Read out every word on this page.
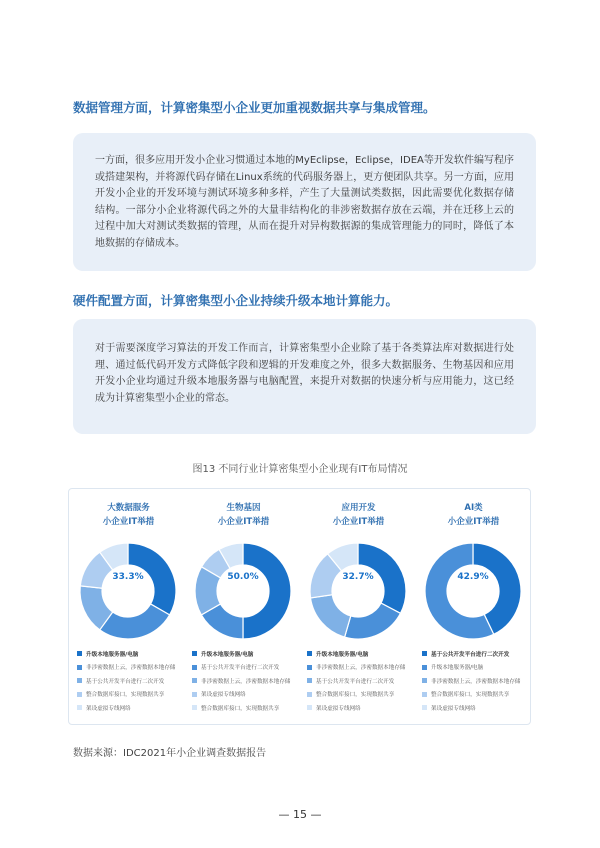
数据管理方面，计算密集型小企业更加重视数据共享与集成管理。

一方面，很多应用开发小企业习惯通过本地的MyEclipse，Eclipse，IDEA等开发软件编写程序或搭建架构，并将源代码存储在Linux系统的代码服务器上，更方便团队共享。另一方面，应用开发小企业的开发环境与测试环境多种多样，产生了大量测试类数据，因此需要优化数据存储结构。一部分小企业将源代码之外的大量非结构化的非涉密数据存放在云端，并在迁移上云的过程中加大对测试类数据的管理，从而在提升对异构数据源的集成管理能力的同时，降低了本地数据的存储成本。

硬件配置方面，计算密集型小企业持续升级本地计算能力。

对于需要深度学习算法的开发工作而言，计算密集型小企业除了基于各类算法库对数据进行处理、通过低代码开发方式降低字段和逻辑的开发难度之外，很多大数据服务、生物基因和应用开发小企业均通过升级本地服务器与电脑配置，来提升对数据的快速分析与应用能力，这已经成为计算密集型小企业的常态。

图13 不同行业计算密集型小企业现有IT布局情况
大数据服务
小企业IT举措
33.3%
升级本地服务器/电脑
非涉密数据上云，涉密数据本地存储
基于公共开发平台进行二次开发
整合数据库接口，实现数据共享
架设虚拟专线网络
生物基因
小企业IT举措
50.0%
升级本地服务器/电脑
基于公共开发平台进行二次开发
非涉密数据上云，涉密数据本地存储
架设虚拟专线网络
整合数据库接口，实现数据共享
应用开发
小企业IT举措
32.7%
升级本地服务器/电脑
非涉密数据上云，涉密数据本地存储
基于公共开发平台进行二次开发
整合数据库接口，实现数据共享
架设虚拟专线网络
AI类
小企业IT举措
42.9%
基于公共开发平台进行二次开发
升级本地服务器/电脑
非涉密数据上云，涉密数据本地存储
整合数据库接口，实现数据共享
架设虚拟专线网络
数据来源：IDC2021年小企业调查数据报告
— 15 —
